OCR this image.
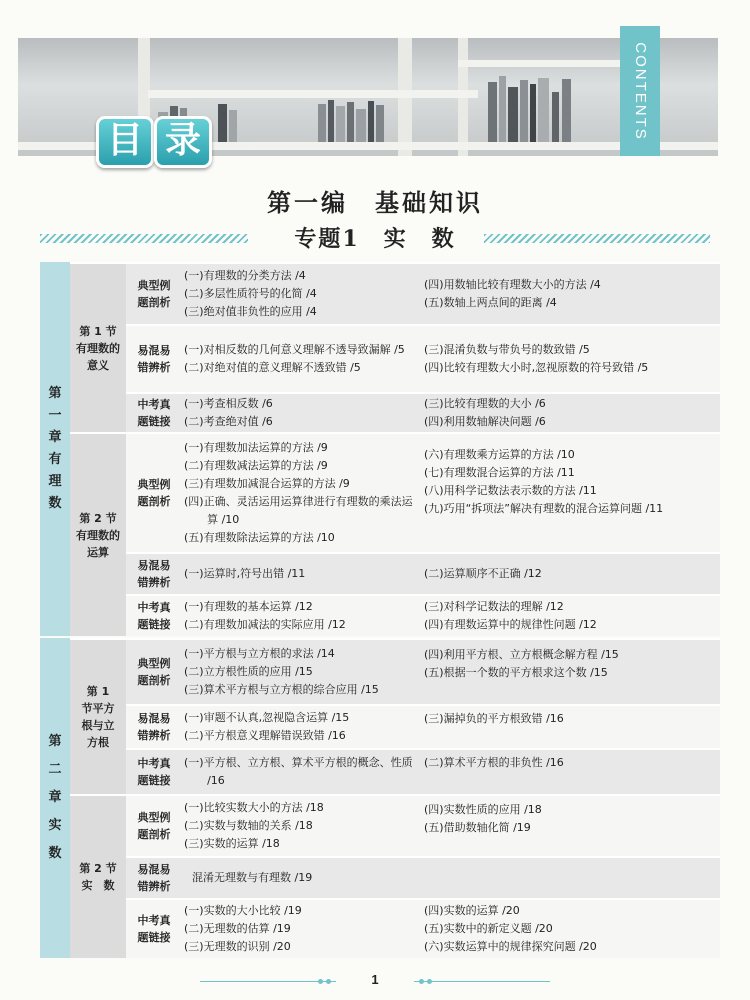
CONTENTS
目 录
第一编　基础知识
专题1　实　数
第一章有理数
第 1 节有理数的意义
典型例题剖析
(一)有理数的分类方法 /4
(二)多层性质符号的化简 /4
(三)绝对值非负性的应用 /4
(四)用数轴比较有理数大小的方法 /4
(五)数轴上两点间的距离 /4
易混易错辨析
(一)对相反数的几何意义理解不透导致漏解 /5
(二)对绝对值的意义理解不透致错 /5
(三)混淆负数与带负号的数致错 /5
(四)比较有理数大小时,忽视原数的符号致错 /5
中考真题链接
(一)考查相反数 /6
(二)考查绝对值 /6
(三)比较有理数的大小 /6
(四)利用数轴解决问题 /6
第 2 节有理数的运算
典型例题剖析
(一)有理数加法运算的方法 /9
(二)有理数减法运算的方法 /9
(三)有理数加减混合运算的方法 /9
(四)正确、灵活运用运算律进行有理数的乘法运算 /10
(五)有理数除法运算的方法 /10
(六)有理数乘方运算的方法 /10
(七)有理数混合运算的方法 /11
(八)用科学记数法表示数的方法 /11
(九)巧用“拆项法”解决有理数的混合运算问题 /11
易混易错辨析
(一)运算时,符号出错 /11	(二)运算顺序不正确 /12
中考真题链接
(一)有理数的基本运算 /12
(二)有理数加减法的实际应用 /12
(三)对科学记数法的理解 /12
(四)有理数运算中的规律性问题 /12
第二章实数
第 1 节平方根与立方根
典型例题剖析
(一)平方根与立方根的求法 /14
(二)立方根性质的应用 /15
(三)算术平方根与立方根的综合应用 /15
(四)利用平方根、立方根概念解方程 /15
(五)根据一个数的平方根求这个数 /15
易混易错辨析
(一)审题不认真,忽视隐含运算 /15
(二)平方根意义理解错误致错 /16
(三)漏掉负的平方根致错 /16
中考真题链接
(一)平方根、立方根、算术平方根的概念、性质 /16
(二)算术平方根的非负性 /16
第 2 节实　数
典型例题剖析
(一)比较实数大小的方法 /18
(二)实数与数轴的关系 /18
(三)实数的运算 /18
(四)实数性质的应用 /18
(五)借助数轴化简 /19
易混易错辨析
混淆无理数与有理数 /19
中考真题链接
(一)实数的大小比较 /19
(二)无理数的估算 /19
(三)无理数的识别 /20
(四)实数的运算 /20
(五)实数中的新定义题 /20
(六)实数运算中的规律探究问题 /20
1
